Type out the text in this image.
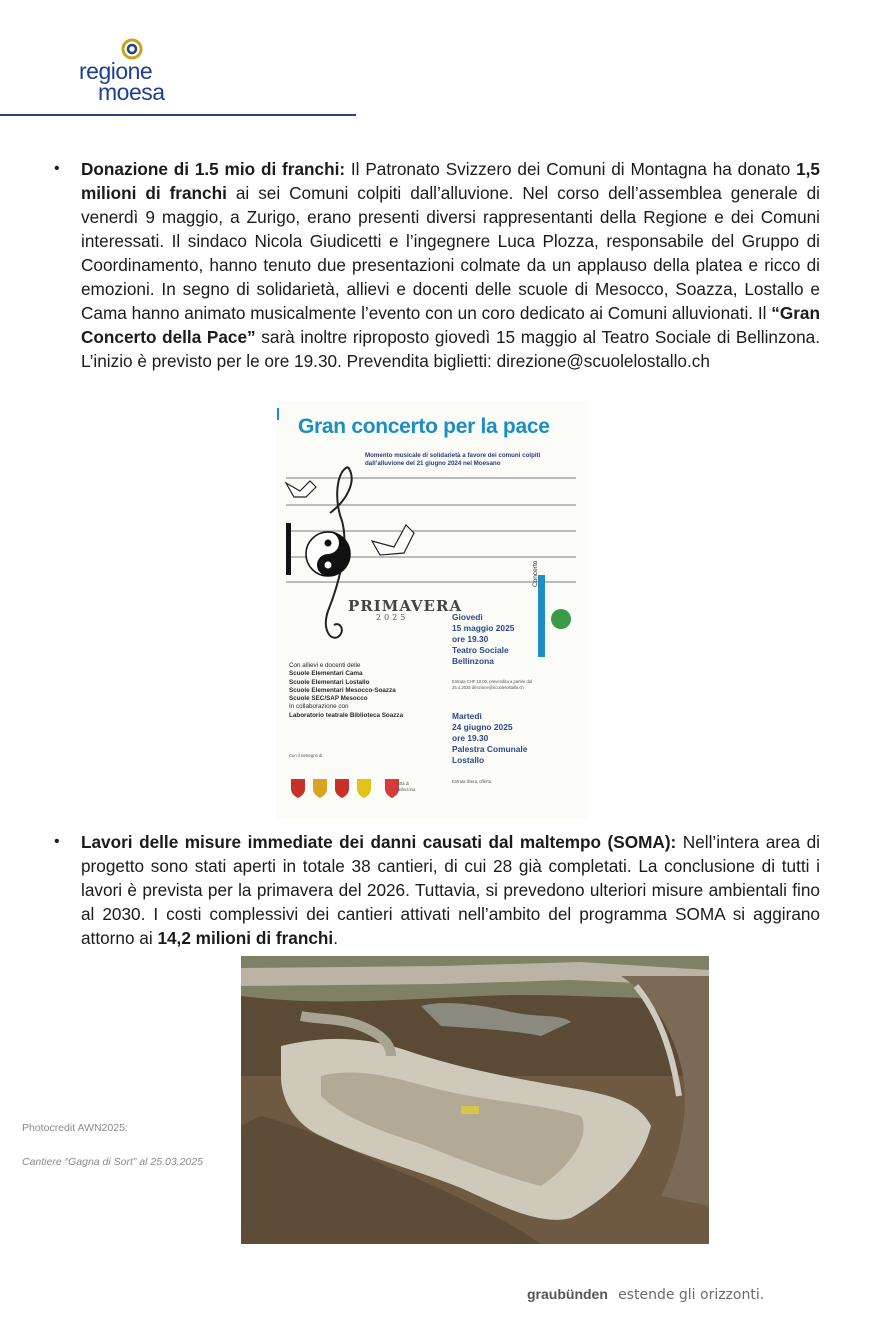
regione
moesa
• Donazione di 1.5 mio di franchi: Il Patronato Svizzero dei Comuni di Montagna ha donato 1,5 milioni di franchi ai sei Comuni colpiti dall’alluvione. Nel corso dell’assemblea generale di venerdì 9 maggio, a Zurigo, erano presenti diversi rappresentanti della Regione e dei Comuni interessati. Il sindaco Nicola Giudicetti e l’ingegnere Luca Plozza, responsabile del Gruppo di Coordinamento, hanno tenuto due presentazioni colmate da un applauso della platea e ricco di emozioni. In segno di solidarietà, allievi e docenti delle scuole di Mesocco, Soazza, Lostallo e Cama hanno animato musicalmente l’evento con un coro dedicato ai Comuni alluvionati. Il “Gran Concerto della Pace” sarà inoltre riproposto giovedì 15 maggio al Teatro Sociale di Bellinzona. L’inizio è previsto per le ore 19.30. Prevendita biglietti: direzione@scuolelostallo.ch
Gran concerto per la pace
Momento musicale di solidarietà a favore dei comuni colpiti dall’alluvione del 21 giugno 2024 nel Moesano
PRIMAVERA
2025
Concerto
Giovedì
15 maggio 2025
ore 19.30
Teatro Sociale
Bellinzona
Entrata CHF 10.00, prevendita a partire dal 25.4.2025 direzione@scuolelostallo.ch
Martedì
24 giugno 2025
ore 19.30
Palestra Comunale
Lostallo
Entrata libera, offerta
Con allievi e docenti delle
Scuole Elementari Cama
Scuole Elementari Lostallo
Scuole Elementari Mesocco-Soazza
Scuole SEC/SAP Mesocco
In collaborazione con
Laboratorio teatrale Biblioteca Soazza
Con il sostegno di
Città di Bellinzona
• Lavori delle misure immediate dei danni causati dal maltempo (SOMA): Nell’intera area di progetto sono stati aperti in totale 38 cantieri, di cui 28 già completati. La conclusione di tutti i lavori è prevista per la primavera del 2026. Tuttavia, si prevedono ulteriori misure ambientali fino al 2030. I costi complessivi dei cantieri attivati nell’ambito del programma SOMA si aggirano attorno ai 14,2 milioni di franchi.
Photocredit AWN2025:
Cantiere “Gagna di Sort” al 25.03.2025
graubünden estende gli orizzonti.
